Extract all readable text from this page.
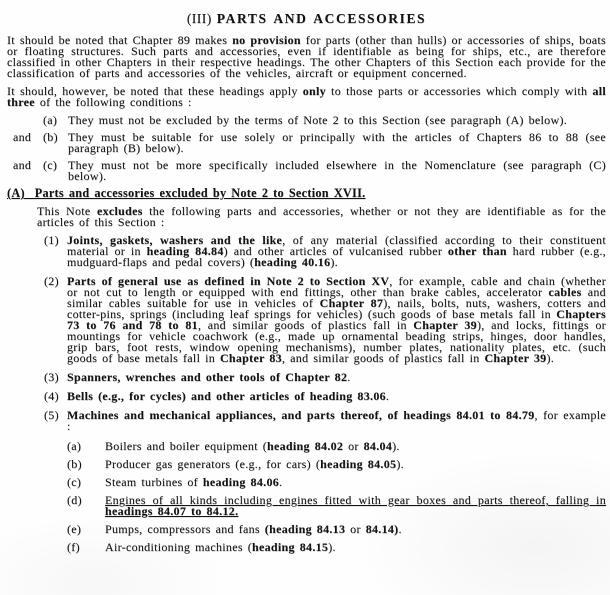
(III) PARTS AND ACCESSORIES

It should be noted that Chapter 89 makes no provision for parts (other than hulls) or accessories of ships, boats or floating structures. Such parts and accessories, even if identifiable as being for ships, etc., are therefore classified in other Chapters in their respective headings. The other Chapters of this Section each provide for the classification of parts and accessories of the vehicles, aircraft or equipment concerned.

It should, however, be noted that these headings apply only to those parts or accessories which comply with all three of the following conditions :

(a) They must not be excluded by the terms of Note 2 to this Section (see paragraph (A) below).
and (b) They must be suitable for use solely or principally with the articles of Chapters 86 to 88 (see paragraph (B) below).
and (c) They must not be more specifically included elsewhere in the Nomenclature (see paragraph (C) below).
(A)  Parts and accessories excluded by Note 2 to Section XVII.

This Note excludes the following parts and accessories, whether or not they are identifiable as for the articles of this Section :

(1) Joints, gaskets, washers and the like, of any material (classified according to their constituent material or in heading 84.84) and other articles of vulcanised rubber other than hard rubber (e.g., mudguard-flaps and pedal covers) (heading 40.16).
(2) Parts of general use as defined in Note 2 to Section XV, for example, cable and chain (whether or not cut to length or equipped with end fittings, other than brake cables, accelerator cables and similar cables suitable for use in vehicles of Chapter 87), nails, bolts, nuts, washers, cotters and cotter-pins, springs (including leaf springs for vehicles) (such goods of base metals fall in Chapters 73 to 76 and 78 to 81, and similar goods of plastics fall in Chapter 39), and locks, fittings or mountings for vehicle coachwork (e.g., made up ornamental beading strips, hinges, door handles, grip bars, foot rests, window opening mechanisms), number plates, nationality plates, etc. (such goods of base metals fall in Chapter 83, and similar goods of plastics fall in Chapter 39).
(3) Spanners, wrenches and other tools of Chapter 82.
(4) Bells (e.g., for cycles) and other articles of heading 83.06.
(5) Machines and mechanical appliances, and parts thereof, of headings 84.01 to 84.79, for example :
(a)	Boilers and boiler equipment (heading 84.02 or 84.04).
(b)	Producer gas generators (e.g., for cars) (heading 84.05).
(c)	Steam turbines of heading 84.06.
(d)	Engines of all kinds including engines fitted with gear boxes and parts thereof, falling in headings 84.07 to 84.12.
(e)	Pumps, compressors and fans (heading 84.13 or 84.14).
(f)	Air-conditioning machines (heading 84.15).
